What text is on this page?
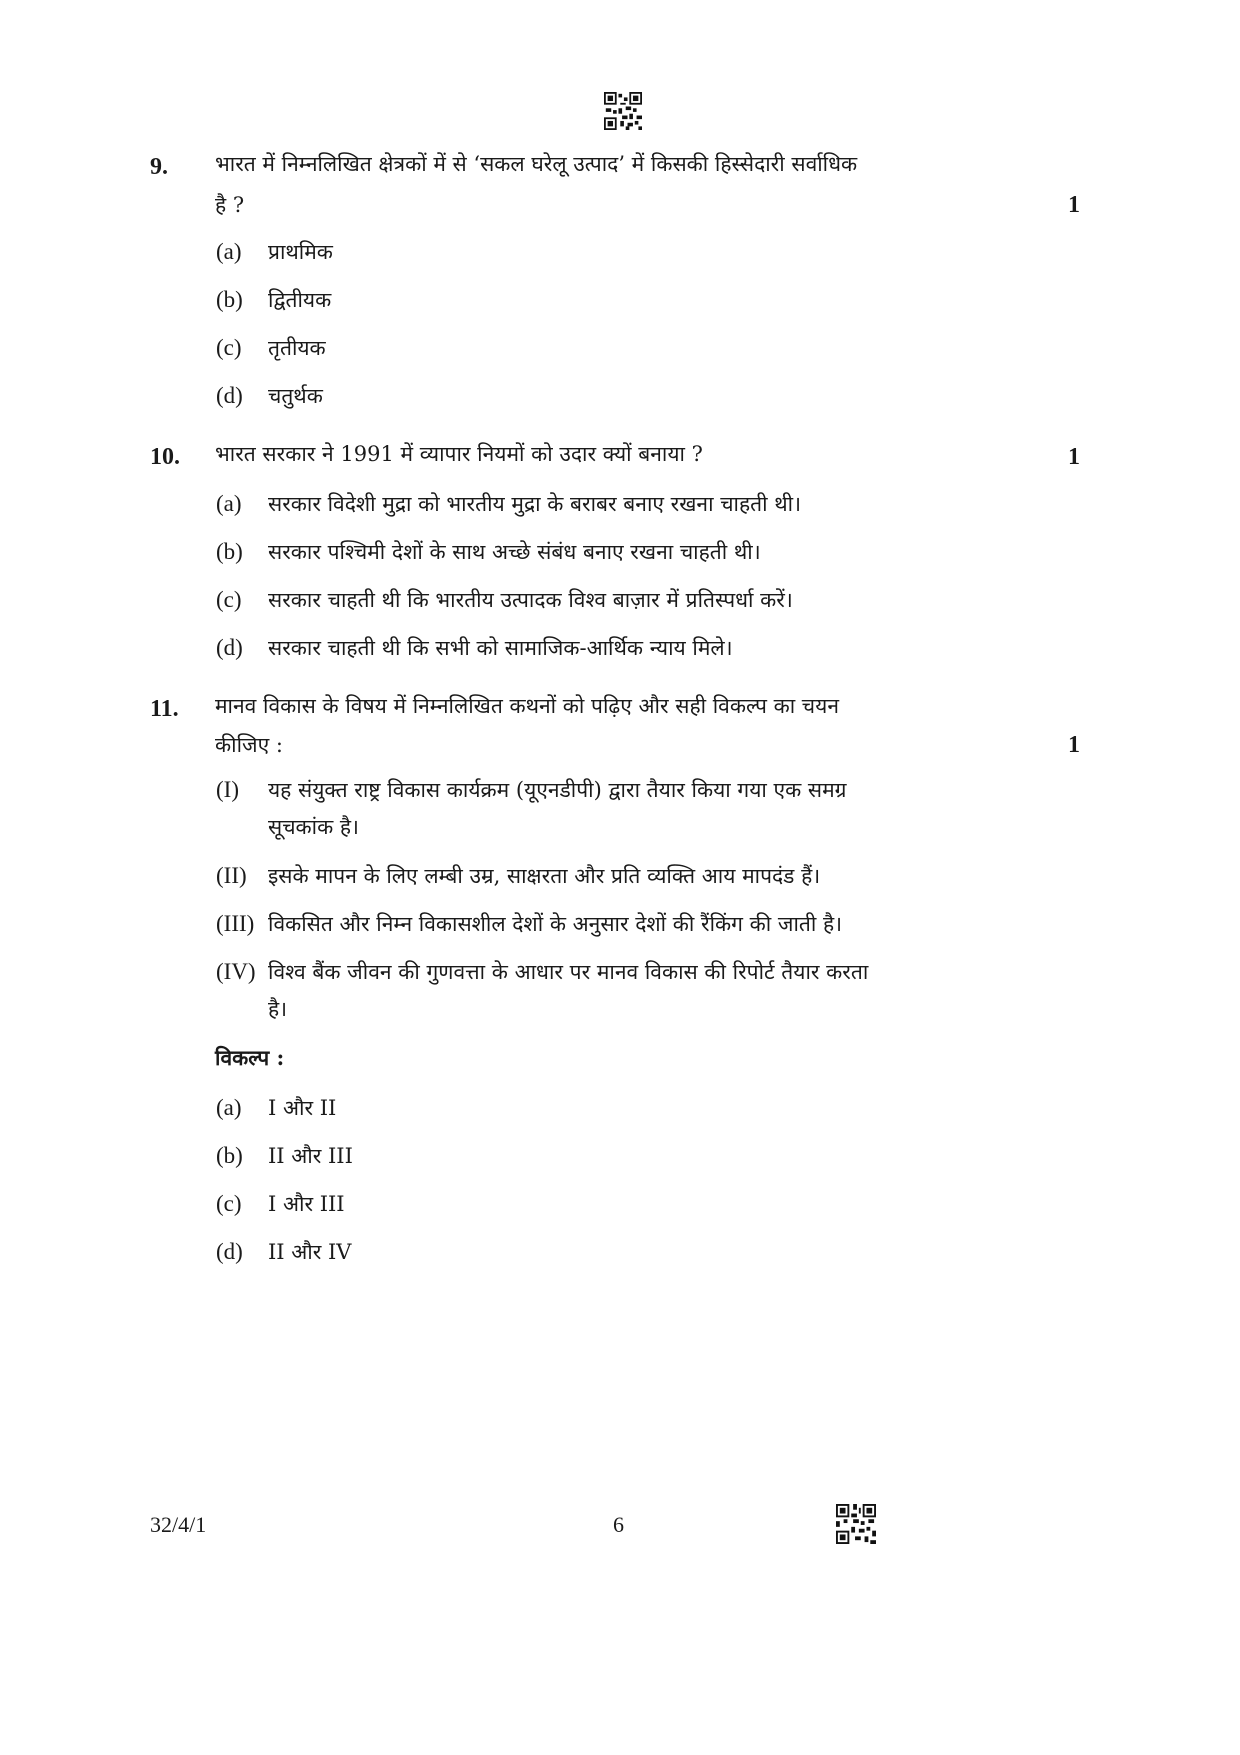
9. भारत में निम्नलिखित क्षेत्रकों में से ‘सकल घरेलू उत्पाद’ में किसकी हिस्सेदारी सर्वाधिक
है ?	1
(a) प्राथमिक
(b) द्वितीयक
(c) तृतीयक
(d) चतुर्थक
10. भारत सरकार ने 1991 में व्यापार नियमों को उदार क्यों बनाया ?	1
(a) सरकार विदेशी मुद्रा को भारतीय मुद्रा के बराबर बनाए रखना चाहती थी।
(b) सरकार पश्चिमी देशों के साथ अच्छे संबंध बनाए रखना चाहती थी।
(c) सरकार चाहती थी कि भारतीय उत्पादक विश्व बाज़ार में प्रतिस्पर्धा करें।
(d) सरकार चाहती थी कि सभी को सामाजिक-आर्थिक न्याय मिले।
11. मानव विकास के विषय में निम्नलिखित कथनों को पढ़िए और सही विकल्प का चयन
कीजिए :	1
(I) यह संयुक्त राष्ट्र विकास कार्यक्रम (यूएनडीपी) द्वारा तैयार किया गया एक समग्र
सूचकांक है।
(II) इसके मापन के लिए लम्बी उम्र, साक्षरता और प्रति व्यक्ति आय मापदंड हैं।
(III) विकसित और निम्न विकासशील देशों के अनुसार देशों की रैंकिंग की जाती है।
(IV) विश्व बैंक जीवन की गुणवत्ता के आधार पर मानव विकास की रिपोर्ट तैयार करता
है।
विकल्प :
(a) I और II
(b) II और III
(c) I और III
(d) II और IV
32/4/1	6
